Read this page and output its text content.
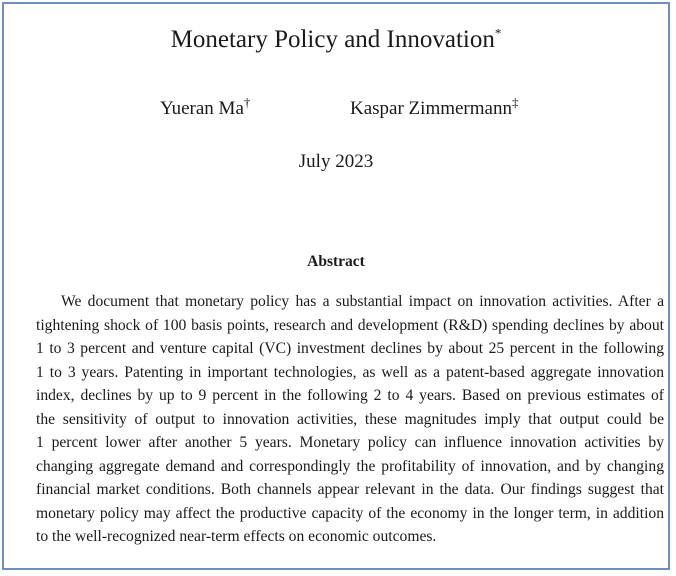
Monetary Policy and Innovation*
Yueran Ma†	Kaspar Zimmermann‡
July 2023
Abstract
We document that monetary policy has a substantial impact on innovation activities. After a
tightening shock of 100 basis points, research and development (R&D) spending declines by about
1 to 3 percent and venture capital (VC) investment declines by about 25 percent in the following
1 to 3 years. Patenting in important technologies, as well as a patent-based aggregate innovation
index, declines by up to 9 percent in the following 2 to 4 years. Based on previous estimates of
the sensitivity of output to innovation activities, these magnitudes imply that output could be
1 percent lower after another 5 years. Monetary policy can influence innovation activities by
changing aggregate demand and correspondingly the profitability of innovation, and by changing
financial market conditions. Both channels appear relevant in the data. Our findings suggest that
monetary policy may affect the productive capacity of the economy in the longer term, in addition
to the well-recognized near-term effects on economic outcomes.
